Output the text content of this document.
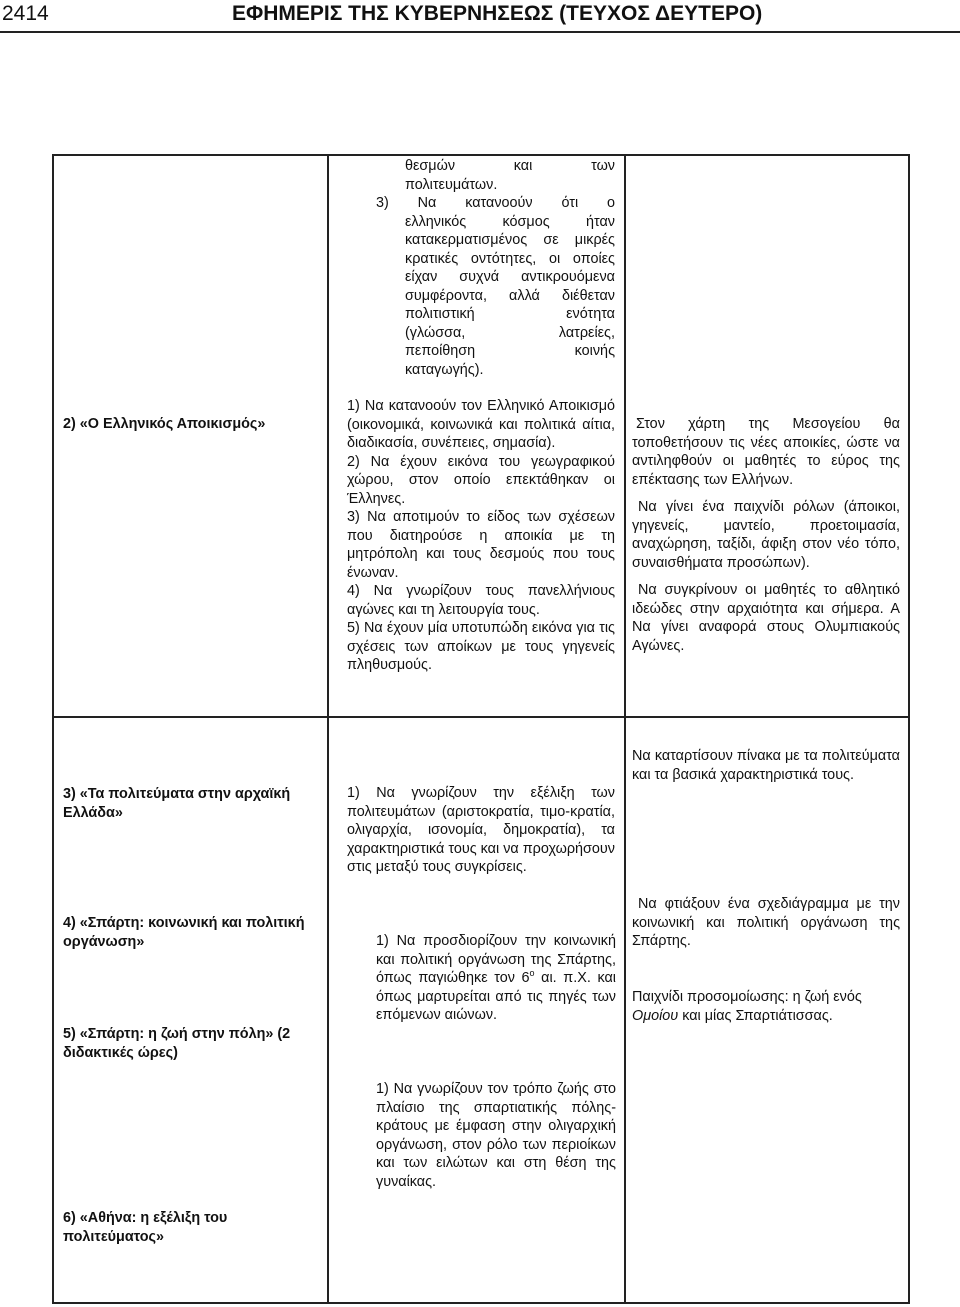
2414	ΕΦΗΜΕΡΙΣ ΤΗΣ ΚΥΒΕΡΝΗΣΕΩΣ (ΤΕΥΧΟΣ ΔΕΥΤΕΡΟ)

θεσμών και των

πολιτευμάτων.

3) Να κατανοούν ότι ο

ελληνικός κόσμος ήταν

κατακερματισμένος σε μικρές

κρατικές οντότητες, οι οποίες

είχαν συχνά αντικρουόμενα

συμφέροντα, αλλά διέθεταν

πολιτιστική ενότητα

(γλώσσα, λατρείες,

πεποίθηση κοινής

καταγωγής).

2) «Ο Ελληνικός Αποικισμός»

1) Να κατανοούν τον Ελληνικό Αποικισμό (οικονομικά, κοινωνικά και πολιτικά αίτια, διαδικασία, συνέπειες, σημασία).

2) Να έχουν εικόνα του γεωγραφικού χώρου, στον οποίο επεκτάθηκαν οι Έλληνες.

3) Να αποτιμούν το είδος των σχέσεων που διατηρούσε η αποικία με τη μητρόπολη και τους δεσμούς που τους ένωναν.

4) Να γνωρίζουν τους πανελλήνιους αγώνες και τη λειτουργία τους.

5) Να έχουν μία υποτυπώδη εικόνα για τις σχέσεις των αποίκων με τους γηγενείς πληθυσμούς.

Στον χάρτη της Μεσογείου θα τοποθετήσουν τις νέες αποικίες, ώστε να αντιληφθούν οι μαθητές το εύρος της επέκτασης των Ελλήνων.

Να γίνει ένα παιχνίδι ρόλων (άποικοι, γηγενείς, μαντείο, προετοιμασία, αναχώρηση, ταξίδι, άφιξη στον νέο τόπο, συναισθήματα προσώπων).

Να συγκρίνουν οι μαθητές το αθλητικό ιδεώδες στην αρχαιότητα και σήμερα. Α Να γίνει αναφορά στους Ολυμπιακούς Αγώνες.

3) «Τα πολιτεύματα στην αρχαϊκή Ελλάδα»

4) «Σπάρτη: κοινωνική και πολιτική οργάνωση»

5) «Σπάρτη: η ζωή στην πόλη» (2 διδακτικές ώρες)

6) «Αθήνα: η εξέλιξη του πολιτεύματος»

1) Να γνωρίζουν την εξέλιξη των πολιτευμάτων (αριστοκρατία, τιμο-κρατία, ολιγαρχία, ισονομία, δημοκρατία), τα χαρακτηριστικά τους και να προχωρήσουν στις μεταξύ τους συγκρίσεις.

1) Να προσδιορίζουν την κοινωνική και πολιτική οργάνωση της Σπάρτης, όπως παγιώθηκε τον $6^o$ αι. π.Χ. και όπως μαρτυρείται από τις πηγές των επόμενων αιώνων.

1) Να γνωρίζουν τον τρόπο ζωής στο πλαίσιο της σπαρτιατικής πόλης-κράτους με έμφαση στην ολιγαρχική οργάνωση, στον ρόλο των περιοίκων και των ειλώτων και στη θέση της γυναίκας.

Να καταρτίσουν πίνακα με τα πολιτεύματα και τα βασικά χαρακτηριστικά τους.

Να φτιάξουν ένα σχεδιάγραμμα με την κοινωνική και πολιτική οργάνωση της Σπάρτης.

Παιχνίδι προσομοίωσης: η ζωή ενός Ομοίου και μίας Σπαρτιάτισσας.
